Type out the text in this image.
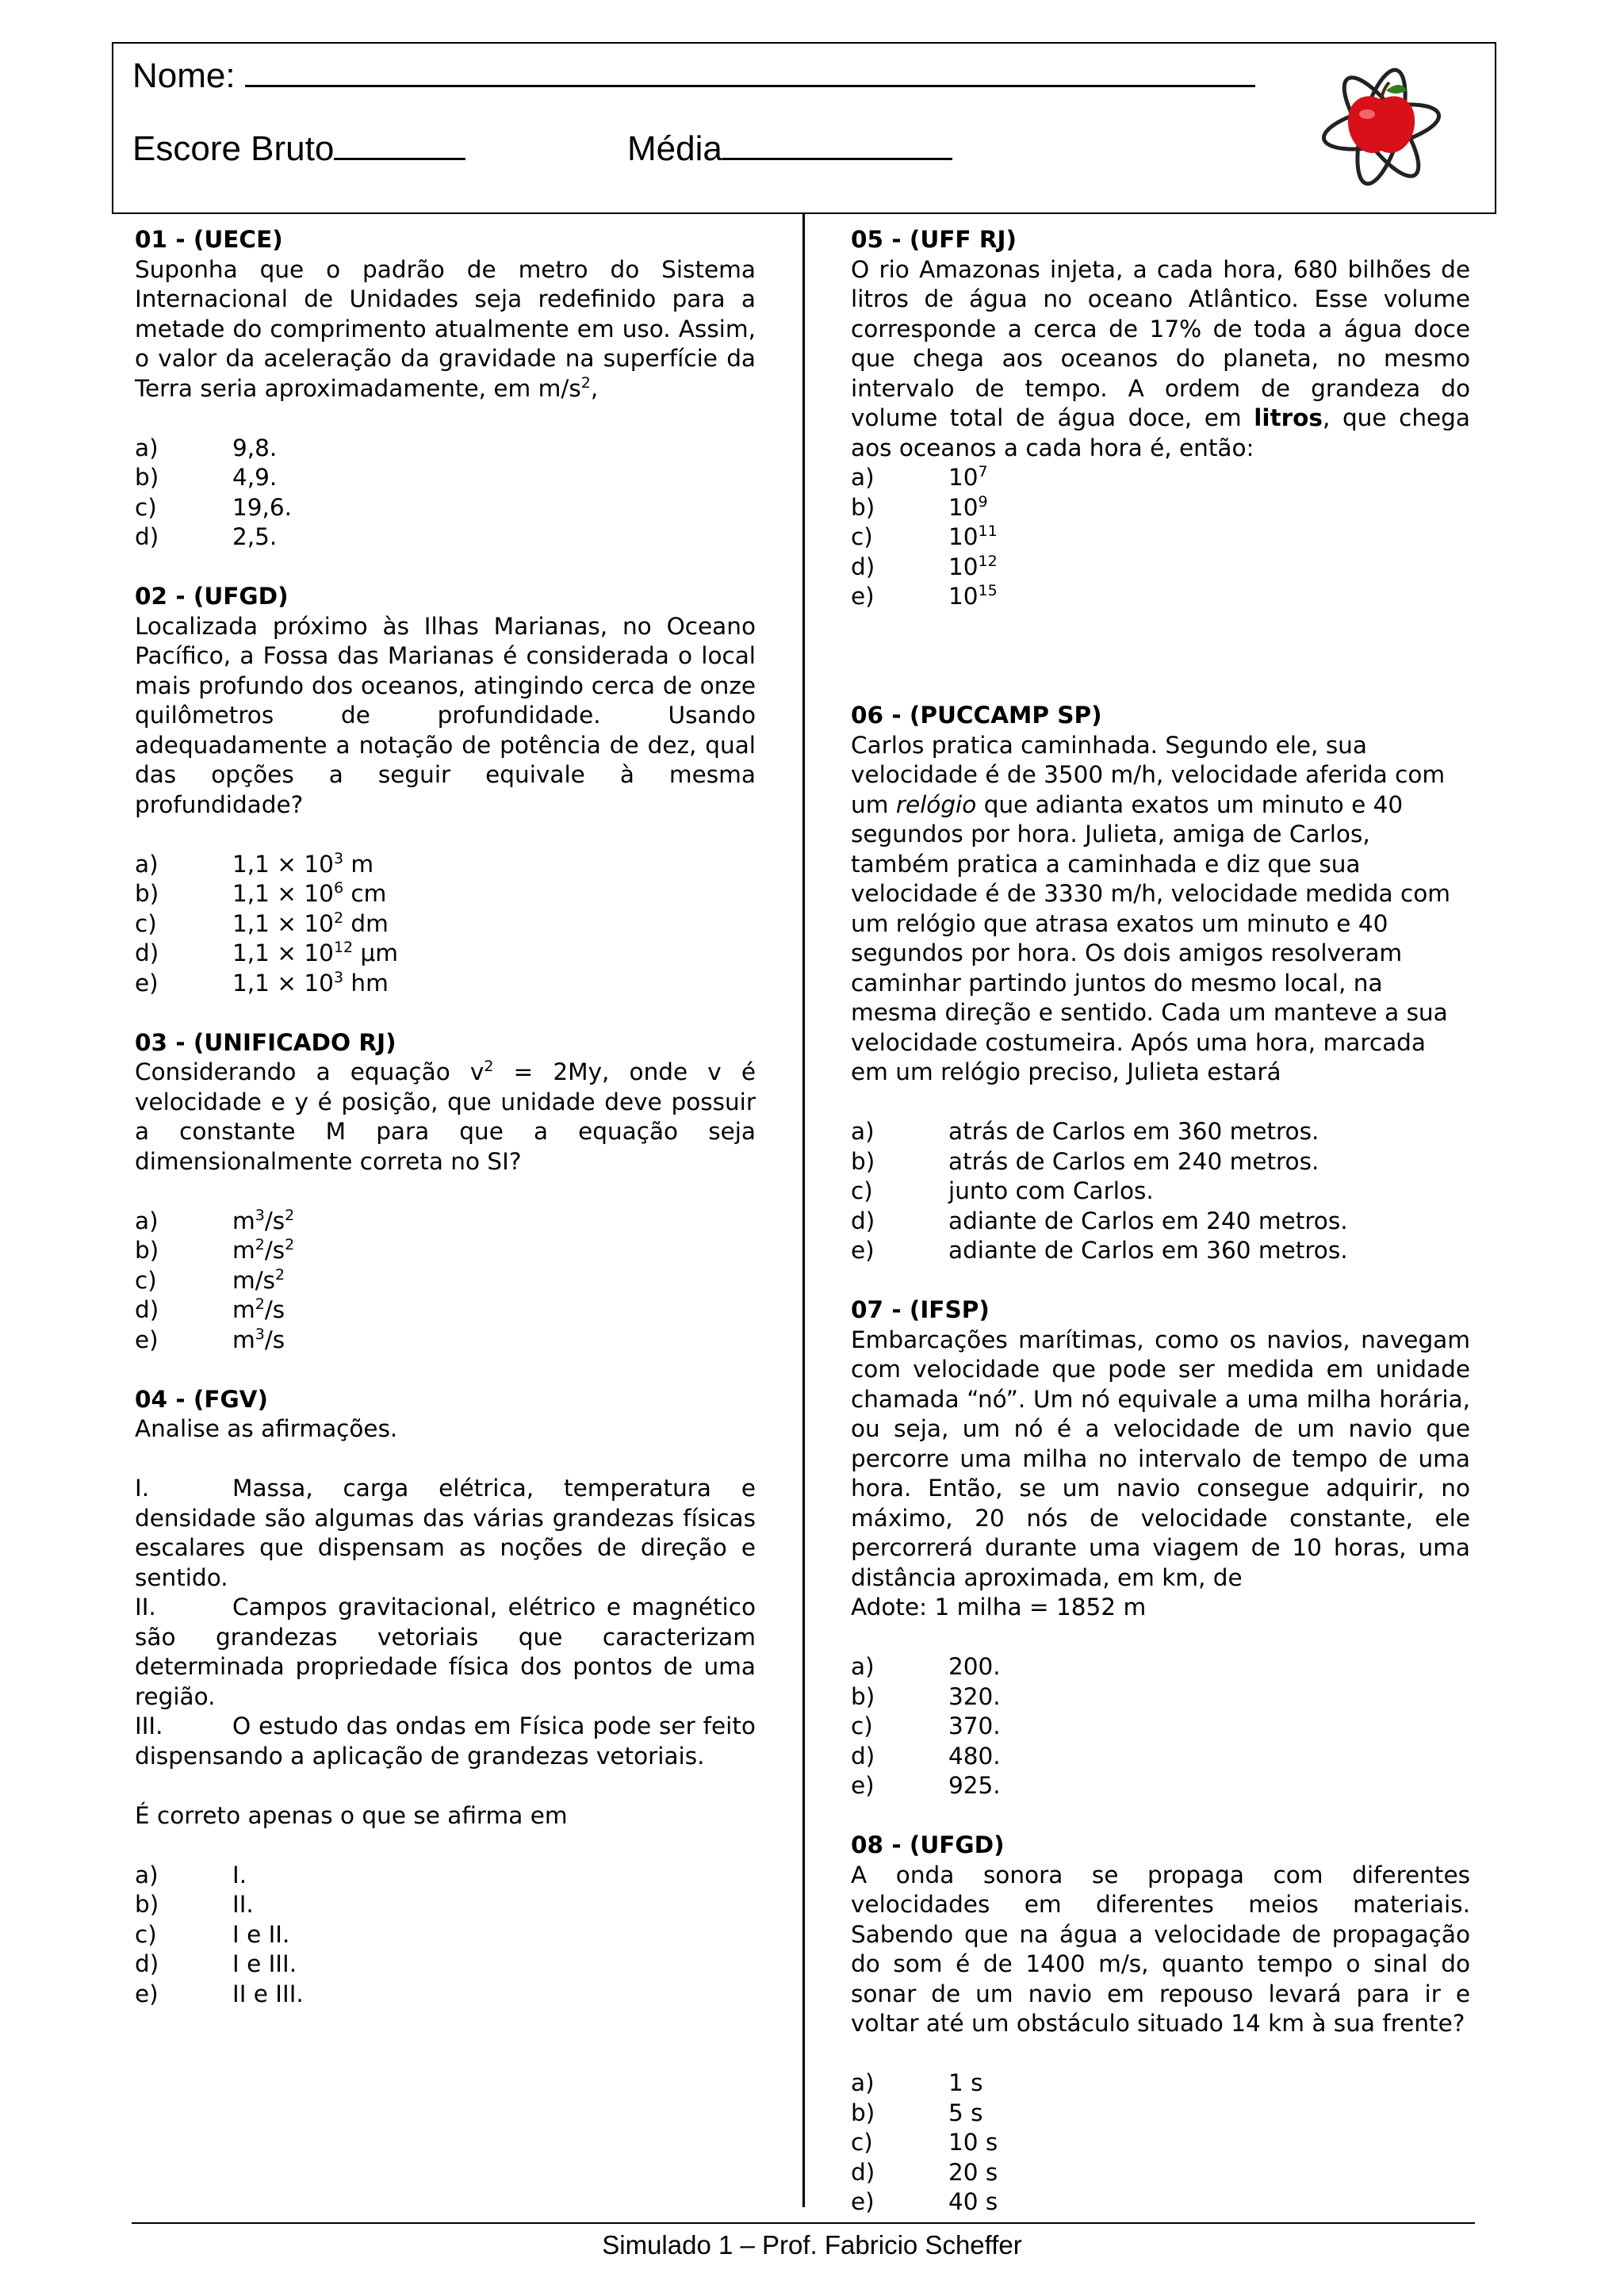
Nome:
Escore Bruto	Média
01 - (UECE)

Suponha que o padrão de metro do Sistema Internacional de Unidades seja redefinido para a metade do comprimento atualmente em uso. Assim, o valor da aceleração da gravidade na superfície da Terra seria aproximadamente, em $m/s^2$,

a)	9,8.
b)	4,9.
c)	19,6.
d)	2,5.
02 - (UFGD)

Localizada próximo às Ilhas Marianas, no Oceano Pacífico, a Fossa das Marianas é considerada o local mais profundo dos oceanos, atingindo cerca de onze quilômetros de profundidade. Usando adequadamente a notação de potência de dez, qual das opções a seguir equivale à mesma profundidade?

a)	$1,1 \times 10^3$ m
b)	$1,1 \times 10^6$ cm
c)	$1,1 \times 10^2$ dm
d)	$1,1 \times 10^{12}$ μm
e)	$1,1 \times 10^3$ hm
03 - (UNIFICADO RJ)

Considerando a equação $v^2 = 2My$, onde v é velocidade e y é posição, que unidade deve possuir a constante M para que a equação seja dimensionalmente correta no SI?

a)	$m^3/s^2$
b)	$m^2/s^2$
c)	$m/s^2$
d)	$m^2/s$
e)	$m^3/s$
04 - (FGV)

Analise as afirmações.

I.	Massa, carga elétrica, temperatura e densidade são algumas das várias grandezas físicas escalares que dispensam as noções de direção e sentido.

II.	Campos gravitacional, elétrico e magnético são grandezas vetoriais que caracterizam determinada propriedade física dos pontos de uma região.

III.	O estudo das ondas em Física pode ser feito dispensando a aplicação de grandezas vetoriais.

É correto apenas o que se afirma em

a)	I.
b)	II.
c)	I e II.
d)	I e III.
e)	II e III.
05 - (UFF RJ)

O rio Amazonas injeta, a cada hora, 680 bilhões de litros de água no oceano Atlântico. Esse volume corresponde a cerca de 17% de toda a água doce que chega aos oceanos do planeta, no mesmo intervalo de tempo. A ordem de grandeza do volume total de água doce, em litros, que chega aos oceanos a cada hora é, então:

a)	$10^7$
b)	$10^9$
c)	$10^{11}$
d)	$10^{12}$
e)	$10^{15}$
06 - (PUCCAMP SP)

Carlos pratica caminhada. Segundo ele, sua velocidade é de 3500 m/h, velocidade aferida com um relógio que adianta exatos um minuto e 40 segundos por hora. Julieta, amiga de Carlos, também pratica a caminhada e diz que sua velocidade é de 3330 m/h, velocidade medida com um relógio que atrasa exatos um minuto e 40 segundos por hora. Os dois amigos resolveram caminhar partindo juntos do mesmo local, na mesma direção e sentido. Cada um manteve a sua velocidade costumeira. Após uma hora, marcada em um relógio preciso, Julieta estará

a)	atrás de Carlos em 360 metros.
b)	atrás de Carlos em 240 metros.
c)	junto com Carlos.
d)	adiante de Carlos em 240 metros.
e)	adiante de Carlos em 360 metros.
07 - (IFSP)

Embarcações marítimas, como os navios, navegam com velocidade que pode ser medida em unidade chamada “nó”. Um nó equivale a uma milha horária, ou seja, um nó é a velocidade de um navio que percorre uma milha no intervalo de tempo de uma hora. Então, se um navio consegue adquirir, no máximo, 20 nós de velocidade constante, ele percorrerá durante uma viagem de 10 horas, uma distância aproximada, em km, de

Adote: 1 milha = 1852 m

a)	200.
b)	320.
c)	370.
d)	480.
e)	925.
08 - (UFGD)

A onda sonora se propaga com diferentes velocidades em diferentes meios materiais. Sabendo que na água a velocidade de propagação do som é de 1400 m/s, quanto tempo o sinal do sonar de um navio em repouso levará para ir e voltar até um obstáculo situado 14 km à sua frente?

a)	1 s
b)	5 s
c)	10 s
d)	20 s
e)	40 s
Simulado 1 – Prof. Fabricio Scheffer
